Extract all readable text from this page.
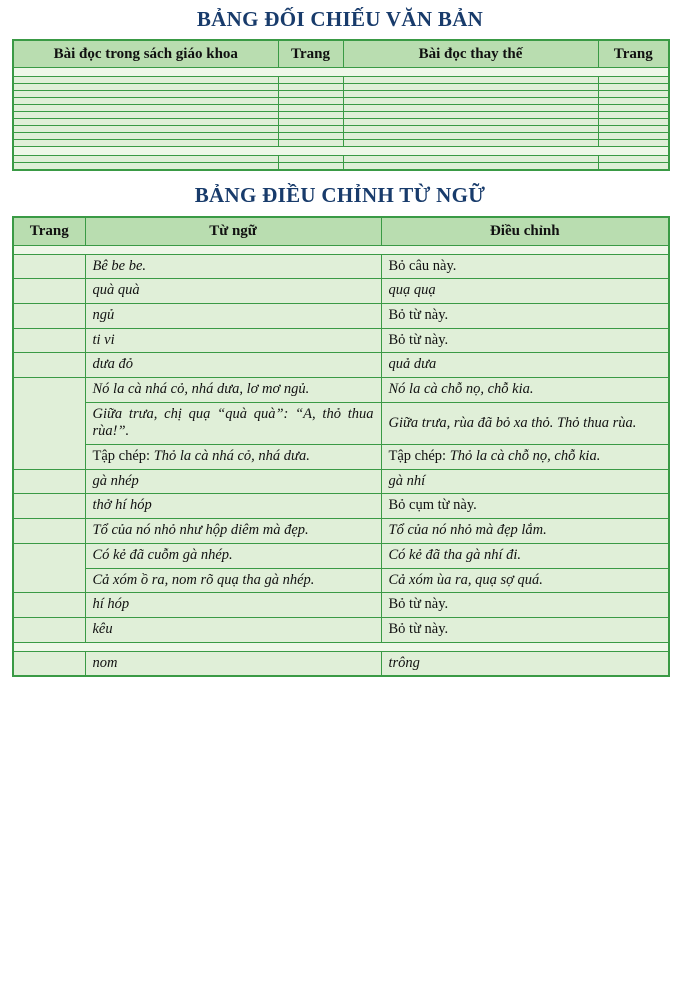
BẢNG ĐỐI CHIẾU VĂN BẢN
Bài đọc trong sách giáo khoa	Trang	Bài đọc thay thế	Trang

BẢNG ĐIỀU CHỈNH TỪ NGỮ
Trang	Từ ngữ	Điều chỉnh

	Bê be be.	Bỏ câu này.
	quà quà	quạ quạ
	ngủ	Bỏ từ này.
	ti vi	Bỏ từ này.
	dưa đỏ	quả dưa
	Nó la cà nhá cỏ, nhá dưa, lơ mơ ngủ.	Nó la cà chỗ nọ, chỗ kia.
	Giữa trưa, chị quạ “quà quà”: “A, thỏ thua rùa!”.	Giữa trưa, rùa đã bỏ xa thỏ. Thỏ thua rùa.
	Tập chép: Thỏ la cà nhá cỏ, nhá dưa.	Tập chép: Thỏ la cà chỗ nọ, chỗ kia.
	gà nhép	gà nhí
	thở hí hóp	Bỏ cụm từ này.
	Tổ của nó nhỏ như hộp diêm mà đẹp.	Tổ của nó nhỏ mà đẹp lắm.
	Có kẻ đã cuỗm gà nhép.	Có kẻ đã tha gà nhí đi.
	Cả xóm ồ ra, nom rõ quạ tha gà nhép.	Cả xóm ùa ra, quạ sợ quá.
	hí hóp	Bỏ từ này.
	kêu	Bỏ từ này.

	nom	trông
